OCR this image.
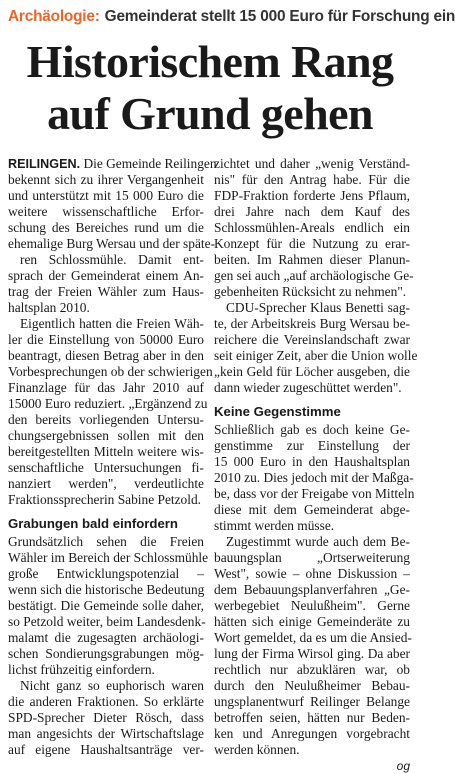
Archäologie: Gemeinderat stellt 15 000 Euro für Forschung ein
Historischem Rang
auf Grund gehen
REILINGEN. Die Gemeinde Reilingen
bekennt sich zu ihrer Vergangenheit
und unterstützt mit 15 000 Euro die
weitere wissenschaftliche Erfor-
schung des Bereiches rund um die
ehemalige Burg Wersau und der späte-
ren Schlossmühle. Damit ent-
sprach der Gemeinderat einem An-
trag der Freien Wähler zum Haus-
haltsplan 2010.
Eigentlich hatten die Freien Wäh-
ler die Einstellung von 50000 Euro
beantragt, diesen Betrag aber in den
Vorbesprechungen ob der schwierigen
Finanzlage für das Jahr 2010 auf
15000 Euro reduziert. „Ergänzend zu
den bereits vorliegenden Untersu-
chungsergebnissen sollen mit den
bereitgestellten Mitteln weitere wis-
senschaftliche Untersuchungen fi-
nanziert werden", verdeutlichte
Fraktionssprecherin Sabine Petzold.
Grabungen bald einfordern
Grundsätzlich sehen die Freien
Wähler im Bereich der Schlossmühle
große Entwicklungspotenzial –
wenn sich die historische Bedeutung
bestätigt. Die Gemeinde solle daher,
so Petzold weiter, beim Landesdenk-
malamt die zugesagten archäologi-
schen Sondierungsgrabungen mög-
lichst frühzeitig einfordern.
Nicht ganz so euphorisch waren
die anderen Fraktionen. So erklärte
SPD-Sprecher Dieter Rösch, dass
man angesichts der Wirtschaftslage
auf eigene Haushaltsanträge ver-
zichtet und daher „wenig Verständ-
nis" für den Antrag habe. Für die
FDP-Fraktion forderte Jens Pflaum,
drei Jahre nach dem Kauf des
Schlossmühlen-Areals endlich ein
Konzept für die Nutzung zu erar-
beiten. Im Rahmen dieser Planun-
gen sei auch „auf archäologische Ge-
gebenheiten Rücksicht zu nehmen".
CDU-Sprecher Klaus Benetti sag-
te, der Arbeitskreis Burg Wersau be-
reichere die Vereinslandschaft zwar
seit einiger Zeit, aber die Union wolle
„kein Geld für Löcher ausgeben, die
dann wieder zugeschüttet werden".
Keine Gegenstimme
Schließlich gab es doch keine Ge-
genstimme zur Einstellung der
15 000 Euro in den Haushaltsplan
2010 zu. Dies jedoch mit der Maßga-
be, dass vor der Freigabe von Mitteln
diese mit dem Gemeinderat abge-
stimmt werden müsse.
Zugestimmt wurde auch dem Be-
bauungsplan „Ortserweiterung
West", sowie – ohne Diskussion –
dem Bebauungsplanverfahren „Ge-
werbegebiet Neulußheim". Gerne
hätten sich einige Gemeinderäte zu
Wort gemeldet, da es um die Ansied-
lung der Firma Wirsol ging. Da aber
rechtlich nur abzuklären war, ob
durch den Neulußheimer Bebau-
ungsplanentwurf Reilinger Belange
betroffen seien, hätten nur Beden-
ken und Anregungen vorgebracht
werden können.
og
